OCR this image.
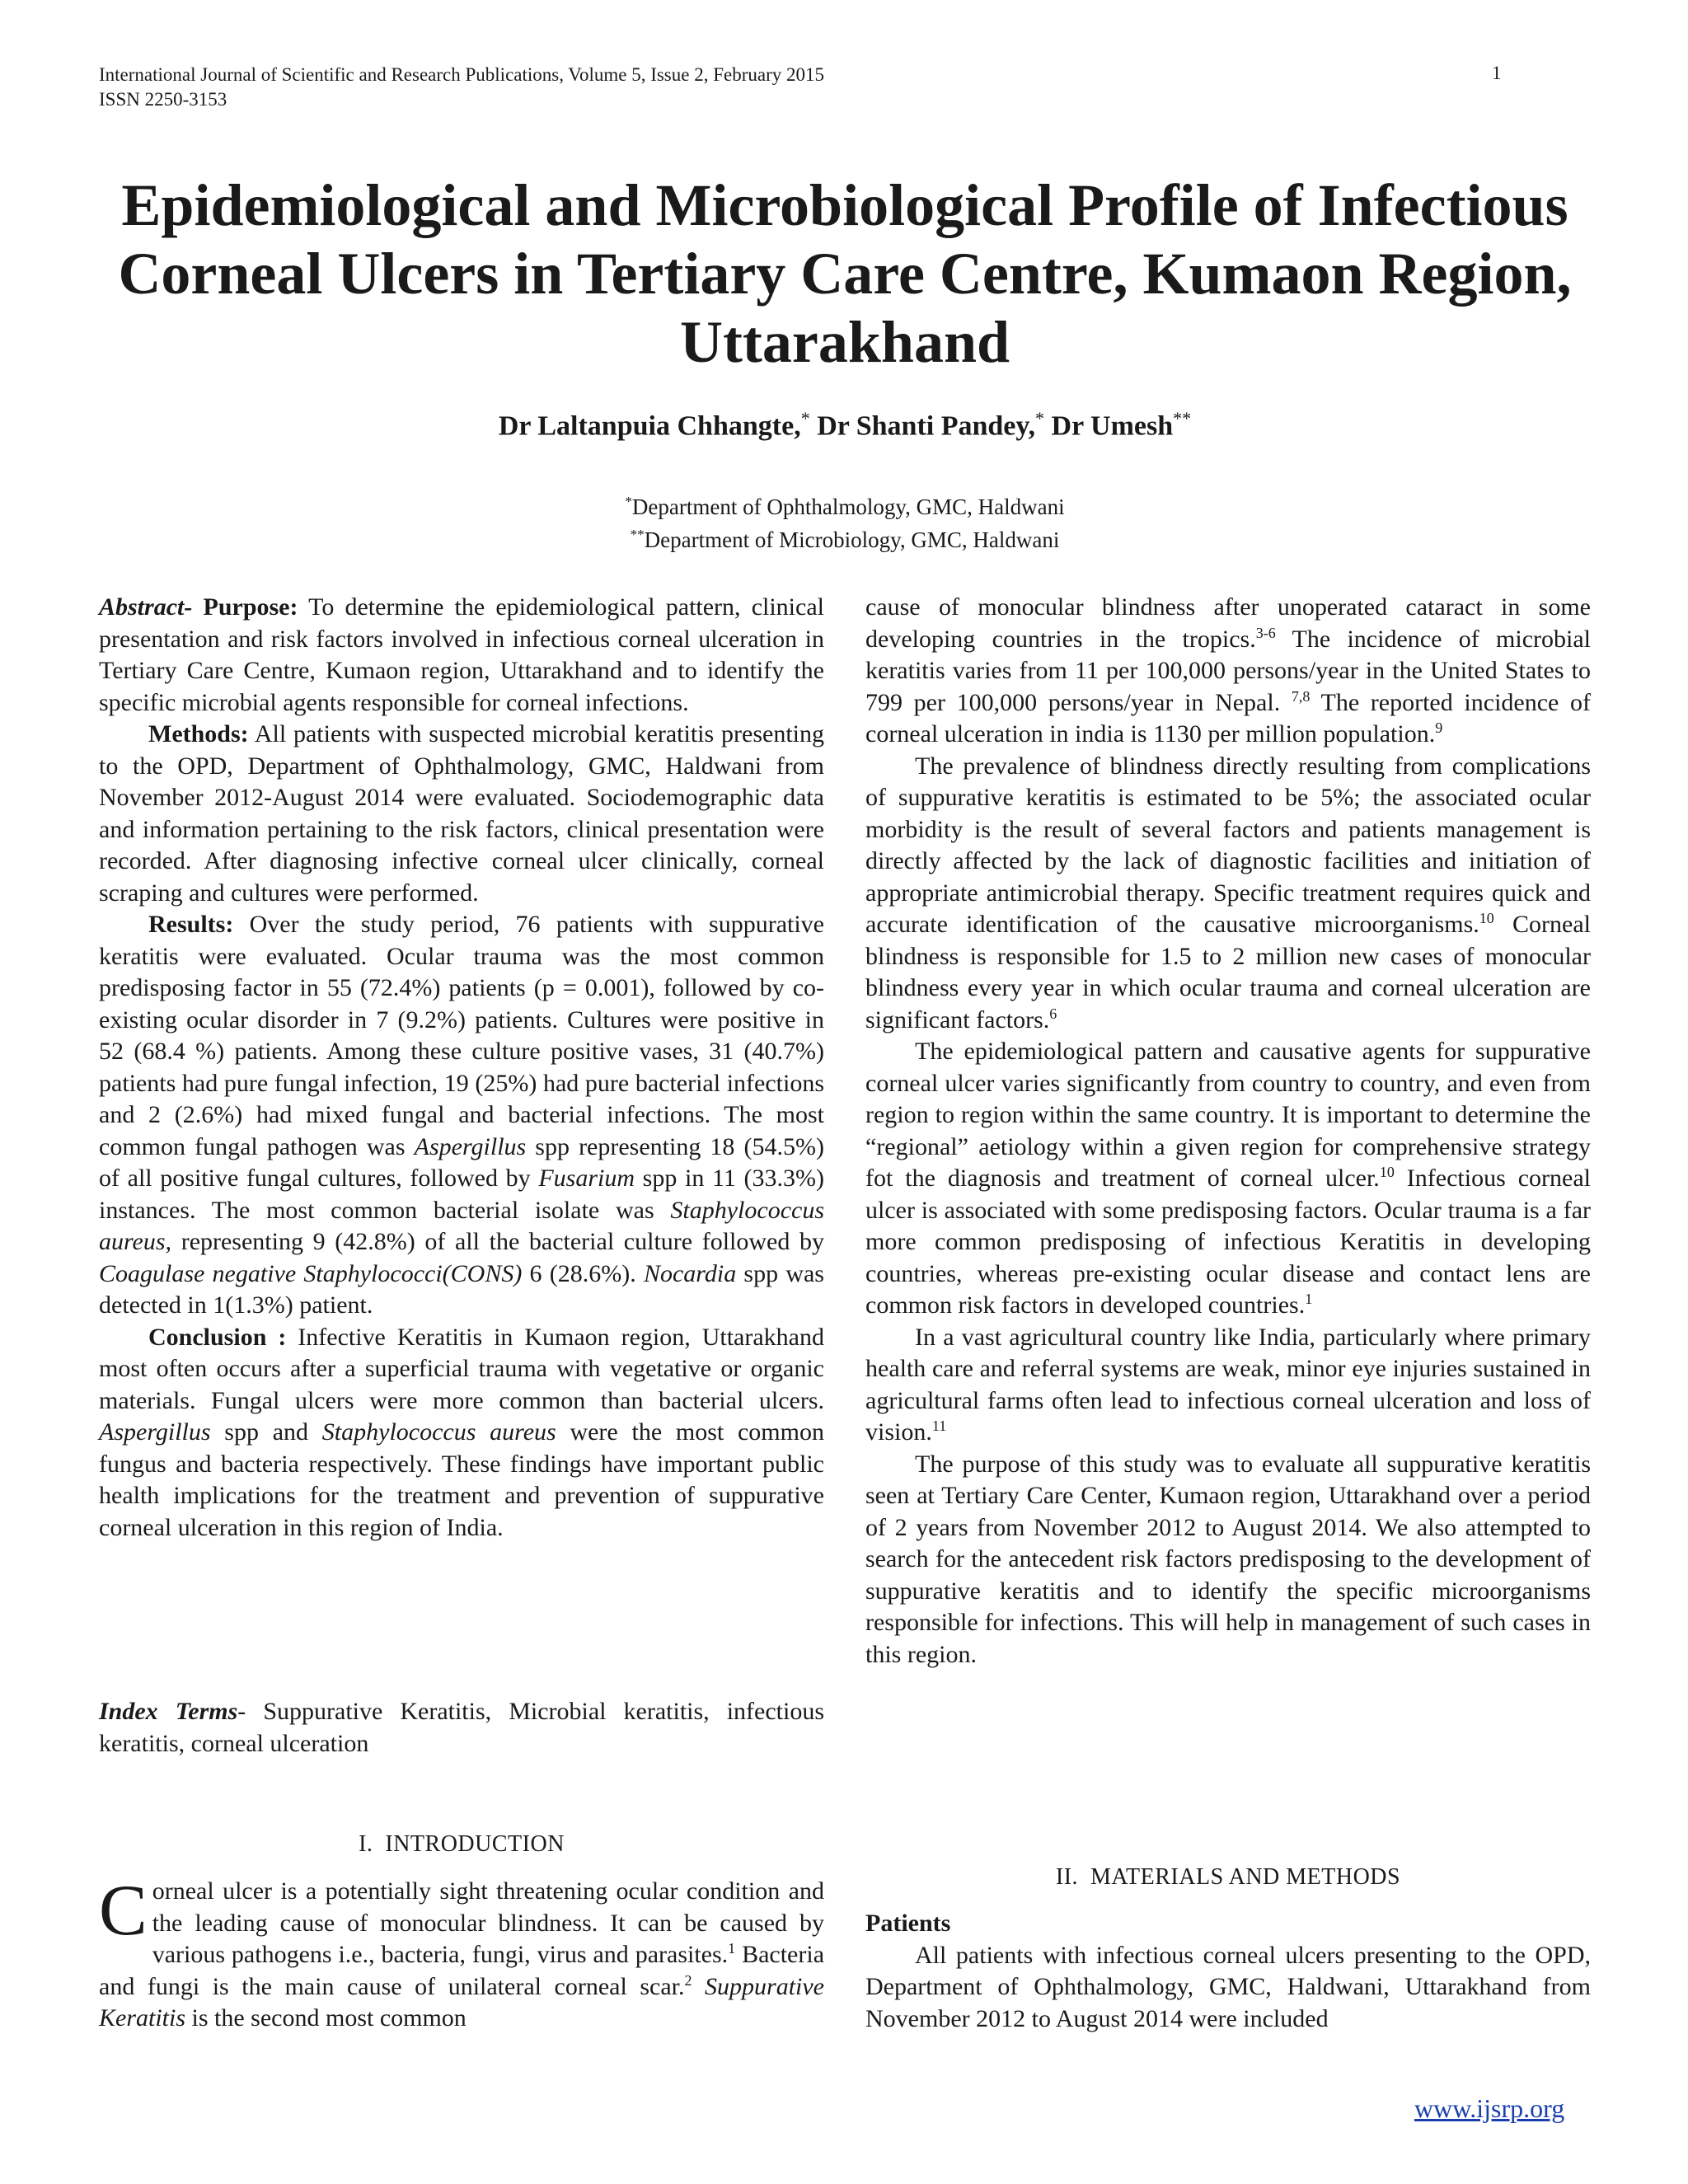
International Journal of Scientific and Research Publications, Volume 5, Issue 2, February 2015
ISSN 2250-3153
1
Epidemiological and Microbiological Profile of Infectious
Corneal Ulcers in Tertiary Care Centre, Kumaon Region,
Uttarakhand
Dr Laltanpuia Chhangte,* Dr Shanti Pandey,* Dr Umesh**
*Department of Ophthalmology, GMC, Haldwani
**Department of Microbiology, GMC, Haldwani

Abstract- Purpose: To determine the epidemiological pattern, clinical presentation and risk factors involved in infectious corneal ulceration in Tertiary Care Centre, Kumaon region, Uttarakhand and to identify the specific microbial agents responsible for corneal infections.

Methods: All patients with suspected microbial keratitis presenting to the OPD, Department of Ophthalmology, GMC, Haldwani from November 2012-August 2014 were evaluated. Sociodemographic data and information pertaining to the risk factors, clinical presentation were recorded. After diagnosing infective corneal ulcer clinically, corneal scraping and cultures were performed.

Results: Over the study period, 76 patients with suppurative keratitis were evaluated. Ocular trauma was the most common predisposing factor in 55 (72.4%) patients (p = 0.001), followed by co-existing ocular disorder in 7 (9.2%) patients. Cultures were positive in 52 (68.4 %) patients. Among these culture positive vases, 31 (40.7%) patients had pure fungal infection, 19 (25%) had pure bacterial infections and 2 (2.6%) had mixed fungal and bacterial infections. The most common fungal pathogen was Aspergillus spp representing 18 (54.5%) of all positive fungal cultures, followed by Fusarium spp in 11 (33.3%) instances. The most common bacterial isolate was Staphylococcus aureus, representing 9 (42.8%) of all the bacterial culture followed by Coagulase negative Staphylococci(CONS) 6 (28.6%). Nocardia spp was detected in 1(1.3%) patient.

Conclusion : Infective Keratitis in Kumaon region, Uttarakhand most often occurs after a superficial trauma with vegetative or organic materials. Fungal ulcers were more common than bacterial ulcers. Aspergillus spp and Staphylococcus aureus were the most common fungus and bacteria respectively. These findings have important public health implications for the treatment and prevention of suppurative corneal ulceration in this region of India.

Index Terms- Suppurative Keratitis, Microbial keratitis, infectious keratitis, corneal ulceration
I. INTRODUCTION
Corneal ulcer is a potentially sight threatening ocular condition and the leading cause of monocular blindness. It can be caused by various pathogens i.e., bacteria, fungi, virus and parasites.$^1$ Bacteria and fungi is the main cause of unilateral corneal scar.$^2$ Suppurative Keratitis is the second most common

cause of monocular blindness after unoperated cataract in some developing countries in the tropics.$^{3-6}$ The incidence of microbial keratitis varies from 11 per 100,000 persons/year in the United States to 799 per 100,000 persons/year in Nepal. $^{7,8}$ The reported incidence of corneal ulceration in india is 1130 per million population.$^9$

The prevalence of blindness directly resulting from complications of suppurative keratitis is estimated to be 5%; the associated ocular morbidity is the result of several factors and patients management is directly affected by the lack of diagnostic facilities and initiation of appropriate antimicrobial therapy. Specific treatment requires quick and accurate identification of the causative microorganisms.$^{10}$ Corneal blindness is responsible for 1.5 to 2 million new cases of monocular blindness every year in which ocular trauma and corneal ulceration are significant factors.$^6$

The epidemiological pattern and causative agents for suppurative corneal ulcer varies significantly from country to country, and even from region to region within the same country. It is important to determine the “regional” aetiology within a given region for comprehensive strategy fot the diagnosis and treatment of corneal ulcer.$^{10}$ Infectious corneal ulcer is associated with some predisposing factors. Ocular trauma is a far more common predisposing of infectious Keratitis in developing countries, whereas pre-existing ocular disease and contact lens are common risk factors in developed countries.$^1$

In a vast agricultural country like India, particularly where primary health care and referral systems are weak, minor eye injuries sustained in agricultural farms often lead to infectious corneal ulceration and loss of vision.$^{11}$

The purpose of this study was to evaluate all suppurative keratitis seen at Tertiary Care Center, Kumaon region, Uttarakhand over a period of 2 years from November 2012 to August 2014. We also attempted to search for the antecedent risk factors predisposing to the development of suppurative keratitis and to identify the specific microorganisms responsible for infections. This will help in management of such cases in this region.

II. MATERIALS AND METHODS

Patients

All patients with infectious corneal ulcers presenting to the OPD, Department of Ophthalmology, GMC, Haldwani, Uttarakhand from November 2012 to August 2014 were included

www.ijsrp.org
